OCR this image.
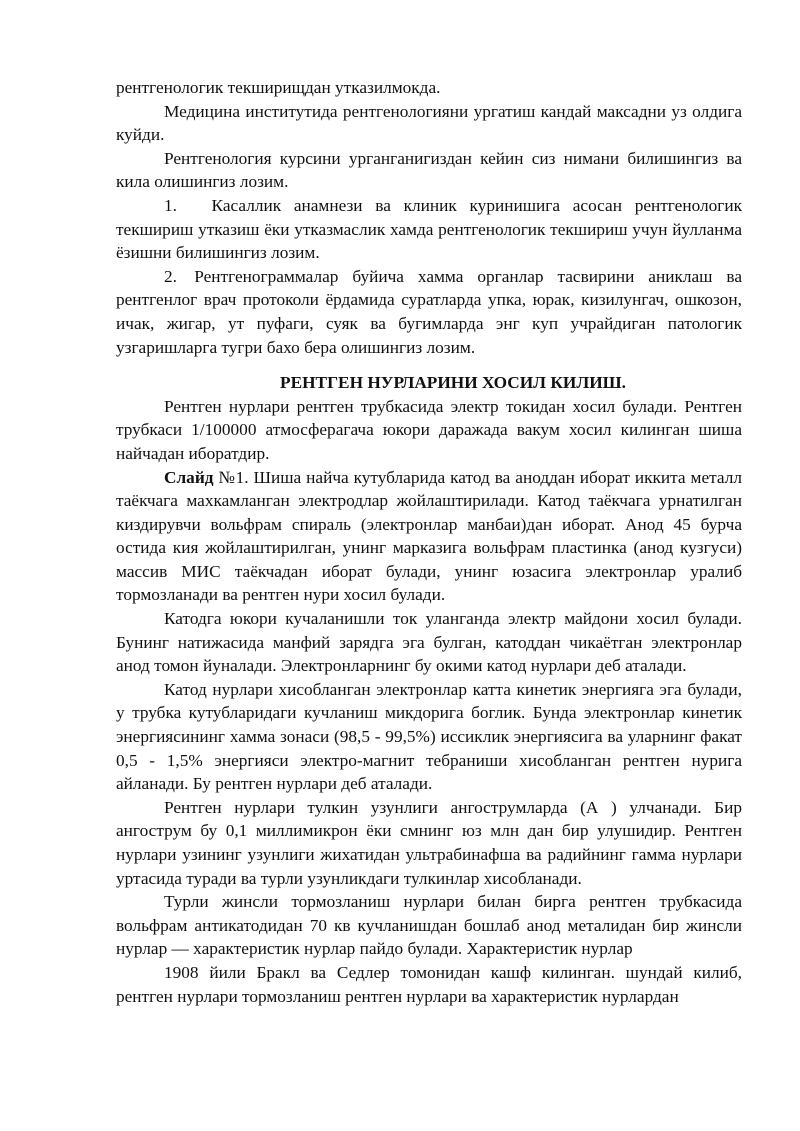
рентгенологик текширищдан утказилмокда.

Медицина институтида рентгенологияни ургатиш кандай максадни уз олдига куйди.

Рентгенология курсини урганганигиздан кейин сиз нимани билишингиз ва кила олишингиз лозим.

1.  Касаллик анамнези ва клиник куринишига асосан рентгенологик текшириш утказиш ёки утказмаслик хамда рентгенологик текшириш учун йулланма ёзишни билишингиз лозим.

2. Рентгенограммалар буйича хамма органлар тасвирини аниклаш ва рентгенлог врач протоколи ёрдамида суратларда упка, юрак, кизилунгач, ошкозон, ичак, жигар, ут пуфаги, суяк ва бугимларда энг куп учрайдиган патологик узгаришларга тугри бахо бера олишингиз лозим.

РЕНТГЕН НУРЛАРИНИ ХОСИЛ КИЛИШ.

Рентген нурлари рентген трубкасида электр токидан хосил булади. Рентген трубкаси 1/100000 атмосферагача юкори даражада вакум хосил килинган шиша найчадан иборатдир.

Слайд №1. Шиша найча кутубларида катод ва аноддан иборат иккита металл таёкчага махкамланган электродлар жойлаштирилади. Катод таёкчага урнатилган киздирувчи вольфрам спираль (электронлар манбаи)дан иборат. Анод 45 бурча остида кия жойлаштирилган, унинг марказига вольфрам пластинка (анод кузгуси) массив МИС таёкчадан иборат булади, унинг юзасига электронлар уралиб тормозланади ва рентген нури хосил булади.

Катодга юкори кучаланишли ток уланганда электр майдони хосил булади. Бунинг натижасида манфий зарядга эга булган, катоддан чикаётган электронлар анод томон йуналади. Электронларнинг бу окими катод нурлари деб аталади.

Катод нурлари хисобланган электронлар катта кинетик энергияга эга булади, у трубка кутубларидаги кучланиш микдорига боглик. Бунда электронлар кинетик энергиясининг хамма зонаси (98,5 - 99,5%) иссиклик энергиясига ва уларнинг факат 0,5 - 1,5% энергияси электро-магнит тебраниши хисобланган рентген нурига айланади. Бу рентген нурлари деб аталади.

Рентген нурлари тулкин узунлиги ангострумларда (А ) улчанади. Бир ангострум бу 0,1 миллимикрон ёки смнинг юз млн дан бир улушидир. Рентген нурлари узининг узунлиги жихатидан ультрабинафша ва радийнинг гамма нурлари уртасида туради ва турли узунликдаги тулкинлар хисобланади.

Турли жинсли тормозланиш нурлари билан бирга рентген трубкасида вольфрам антикатодидан 70 кв кучланишдан бошлаб анод металидан бир жинсли нурлар — характеристик нурлар пайдо булади. Характеристик нурлар

1908 йили Бракл ва Седлер томонидан кашф килинган. шундай килиб, рентген нурлари тормозланиш рентген нурлари ва характеристик нурлардан
